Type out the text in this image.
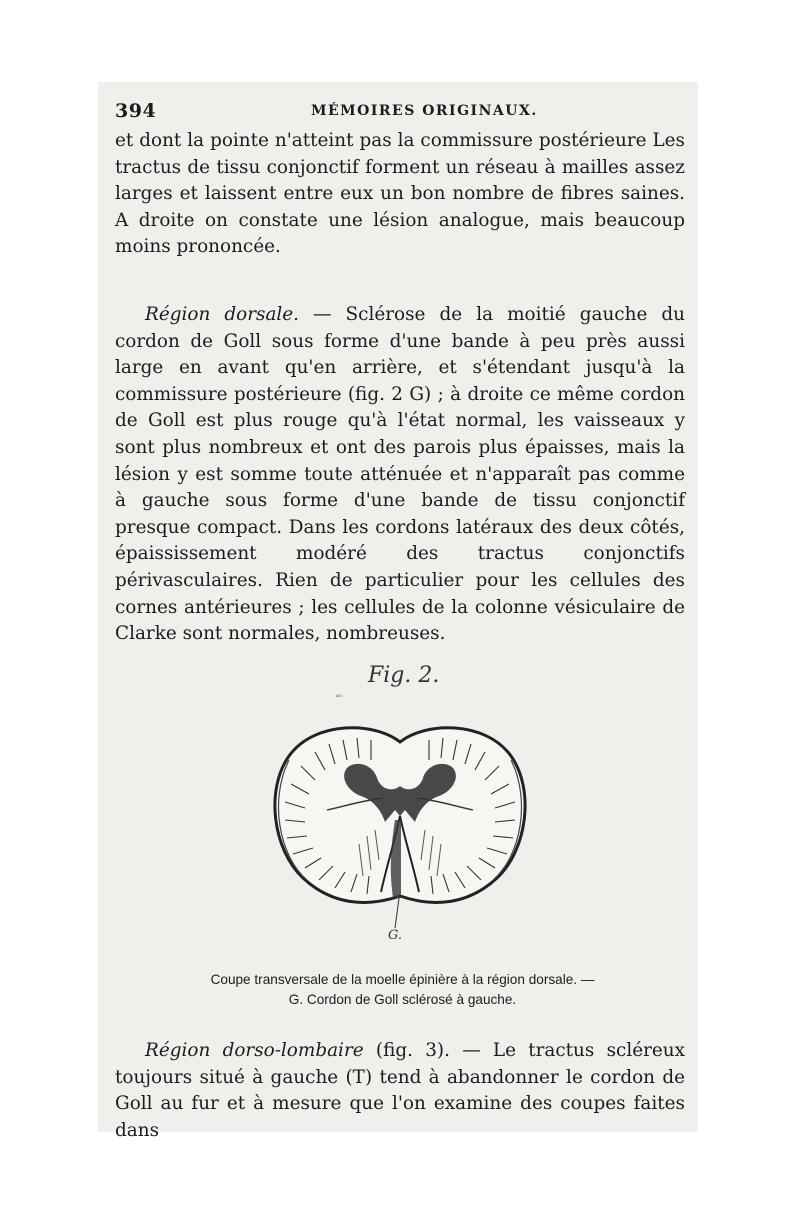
394	MÉMOIRES ORIGINAUX.
et dont la pointe n'atteint pas la commissure postérieure Les tractus de tissu conjonctif forment un réseau à mailles assez larges et laissent entre eux un bon nombre de fibres saines. A droite on constate une lésion analogue, mais beaucoup moins prononcée.
Région dorsale. — Sclérose de la moitié gauche du cordon de Goll sous forme d'une bande à peu près aussi large en avant qu'en arrière, et s'étendant jusqu'à la commissure postérieure (fig. 2 G) ; à droite ce même cordon de Goll est plus rouge qu'à l'état normal, les vaisseaux y sont plus nombreux et ont des parois plus épaisses, mais la lésion y est somme toute atténuée et n'apparaît pas comme à gauche sous forme d'une bande de tissu conjonctif presque compact. Dans les cordons latéraux des deux côtés, épaississement modéré des tractus conjonctifs périvasculaires. Rien de particulier pour les cellules des cornes antérieures ; les cellules de la colonne vésiculaire de Clarke sont normales, nombreuses.
ᵃᶜ
Fig. 2.
G.
Coupe transversale de la moelle épinière à la région dorsale. —
G. Cordon de Goll sclérosé à gauche.
Région dorso-lombaire (fig. 3). — Le tractus scléreux toujours situé à gauche (T) tend à abandonner le cordon de Goll au fur et à mesure que l'on examine des coupes faites dans
